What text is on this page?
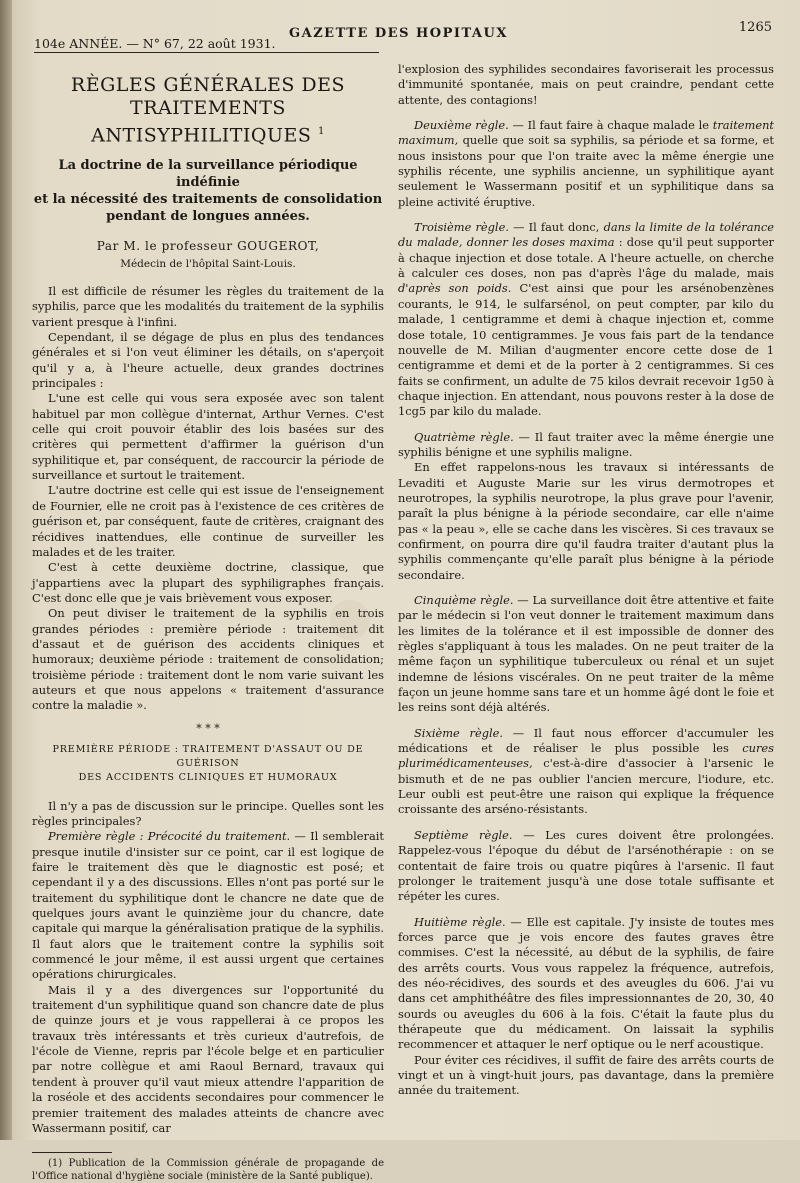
104e ANNÉE. — N° 67, 22 août 1931.
GAZETTE DES HOPITAUX	1265
RÈGLES GÉNÉRALES DES TRAITEMENTS
ANTISYPHILITIQUES $^1$
La doctrine de la surveillance périodique indéfinie
et la nécessité des traitements de consolidation
pendant de longues années.
Par M. le professeur GOUGEROT,
Médecin de l'hôpital Saint-Louis.

Il est difficile de résumer les règles du traitement de la syphilis, parce que les modalités du traitement de la syphilis varient presque à l'infini.

Cependant, il se dégage de plus en plus des tendances générales et si l'on veut éliminer les détails, on s'aperçoit qu'il y a, à l'heure actuelle, deux grandes doctrines principales :

L'une est celle qui vous sera exposée avec son talent habituel par mon collègue d'internat, Arthur Vernes. C'est celle qui croit pouvoir établir des lois basées sur des critères qui permettent d'affirmer la guérison d'un syphilitique et, par conséquent, de raccourcir la période de surveillance et surtout le traitement.

L'autre doctrine est celle qui est issue de l'enseignement de Fournier, elle ne croit pas à l'existence de ces critères de guérison et, par conséquent, faute de critères, craignant des récidives inattendues, elle continue de surveiller les malades et de les traiter.

C'est à cette deuxième doctrine, classique, que j'appartiens avec la plupart des syphiligraphes français. C'est donc elle que je vais brièvement vous exposer.

On peut diviser le traitement de la syphilis en trois grandes périodes : première période : traitement dit d'assaut et de guérison des accidents cliniques et humoraux; deuxième période : traitement de consolidation; troisième période : traitement dont le nom varie suivant les auteurs et que nous appelons « traitement d'assurance contre la maladie ».

* * *
PREMIÈRE PÉRIODE : TRAITEMENT D'ASSAUT OU DE GUÉRISON
DES ACCIDENTS CLINIQUES ET HUMORAUX

Il n'y a pas de discussion sur le principe. Quelles sont les règles principales?

Première règle : Précocité du traitement. — Il semblerait presque inutile d'insister sur ce point, car il est logique de faire le traitement dès que le diagnostic est posé; et cependant il y a des discussions. Elles n'ont pas porté sur le traitement du syphilitique dont le chancre ne date que de quelques jours avant le quinzième jour du chancre, date capitale qui marque la généralisation pratique de la syphilis. Il faut alors que le traitement contre la syphilis soit commencé le jour même, il est aussi urgent que certaines opérations chirurgicales.

Mais il y a des divergences sur l'opportunité du traitement d'un syphilitique quand son chancre date de plus de quinze jours et je vous rappellerai à ce propos les travaux très intéressants et très curieux d'autrefois, de l'école de Vienne, repris par l'école belge et en particulier par notre collègue et ami Raoul Bernard, travaux qui tendent à prouver qu'il vaut mieux attendre l'apparition de la roséole et des accidents secondaires pour commencer le premier traitement des malades atteints de chancre avec Wassermann positif, car

(1) Publication de la Commission générale de propagande de l'Office national d'hygiène sociale (ministère de la Santé publique).

l'explosion des syphilides secondaires favoriserait les processus d'immunité spontanée, mais on peut craindre, pendant cette attente, des contagions!

Deuxième règle. — Il faut faire à chaque malade le traitement maximum, quelle que soit sa syphilis, sa période et sa forme, et nous insistons pour que l'on traite avec la même énergie une syphilis récente, une syphilis ancienne, un syphilitique ayant seulement le Wassermann positif et un syphilitique dans sa pleine activité éruptive.

Troisième règle. — Il faut donc, dans la limite de la tolérance du malade, donner les doses maxima : dose qu'il peut supporter à chaque injection et dose totale. A l'heure actuelle, on cherche à calculer ces doses, non pas d'après l'âge du malade, mais d'après son poids. C'est ainsi que pour les arsénobenzènes courants, le 914, le sulfarsénol, on peut compter, par kilo du malade, 1 centigramme et demi à chaque injection et, comme dose totale, 10 centigrammes. Je vous fais part de la tendance nouvelle de M. Milian d'augmenter encore cette dose de 1 centigramme et demi et de la porter à 2 centigrammes. Si ces faits se confirment, un adulte de 75 kilos devrait recevoir 1g50 à chaque injection. En attendant, nous pouvons rester à la dose de 1cg5 par kilo du malade.

Quatrième règle. — Il faut traiter avec la même énergie une syphilis bénigne et une syphilis maligne.

En effet rappelons-nous les travaux si intéressants de Levaditi et Auguste Marie sur les virus dermotropes et neurotropes, la syphilis neurotrope, la plus grave pour l'avenir, paraît la plus bénigne à la période secondaire, car elle n'aime pas « la peau », elle se cache dans les viscères. Si ces travaux se confirment, on pourra dire qu'il faudra traiter d'autant plus la syphilis commençante qu'elle paraît plus bénigne à la période secondaire.

Cinquième règle. — La surveillance doit être attentive et faite par le médecin si l'on veut donner le traitement maximum dans les limites de la tolérance et il est impossible de donner des règles s'appliquant à tous les malades. On ne peut traiter de la même façon un syphilitique tuberculeux ou rénal et un sujet indemne de lésions viscérales. On ne peut traiter de la même façon un jeune homme sans tare et un homme âgé dont le foie et les reins sont déjà altérés.

Sixième règle. — Il faut nous efforcer d'accumuler les médications et de réaliser le plus possible les cures plurimédicamenteuses, c'est-à-dire d'associer à l'arsenic le bismuth et de ne pas oublier l'ancien mercure, l'iodure, etc. Leur oubli est peut-être une raison qui explique la fréquence croissante des arséno-résistants.

Septième règle. — Les cures doivent être prolongées. Rappelez-vous l'époque du début de l'arsénothérapie : on se contentait de faire trois ou quatre piqûres à l'arsenic. Il faut prolonger le traitement jusqu'à une dose totale suffisante et répéter les cures.

Huitième règle. — Elle est capitale. J'y insiste de toutes mes forces parce que je vois encore des fautes graves être commises. C'est la nécessité, au début de la syphilis, de faire des arrêts courts. Vous vous rappelez la fréquence, autrefois, des néo-récidives, des sourds et des aveugles du 606. J'ai vu dans cet amphithéâtre des files impressionnantes de 20, 30, 40 sourds ou aveugles du 606 à la fois. C'était la faute plus du thérapeute que du médicament. On laissait la syphilis recommencer et attaquer le nerf optique ou le nerf acoustique.

Pour éviter ces récidives, il suffit de faire des arrêts courts de vingt et un à vingt-huit jours, pas davantage, dans la première année du traitement.
